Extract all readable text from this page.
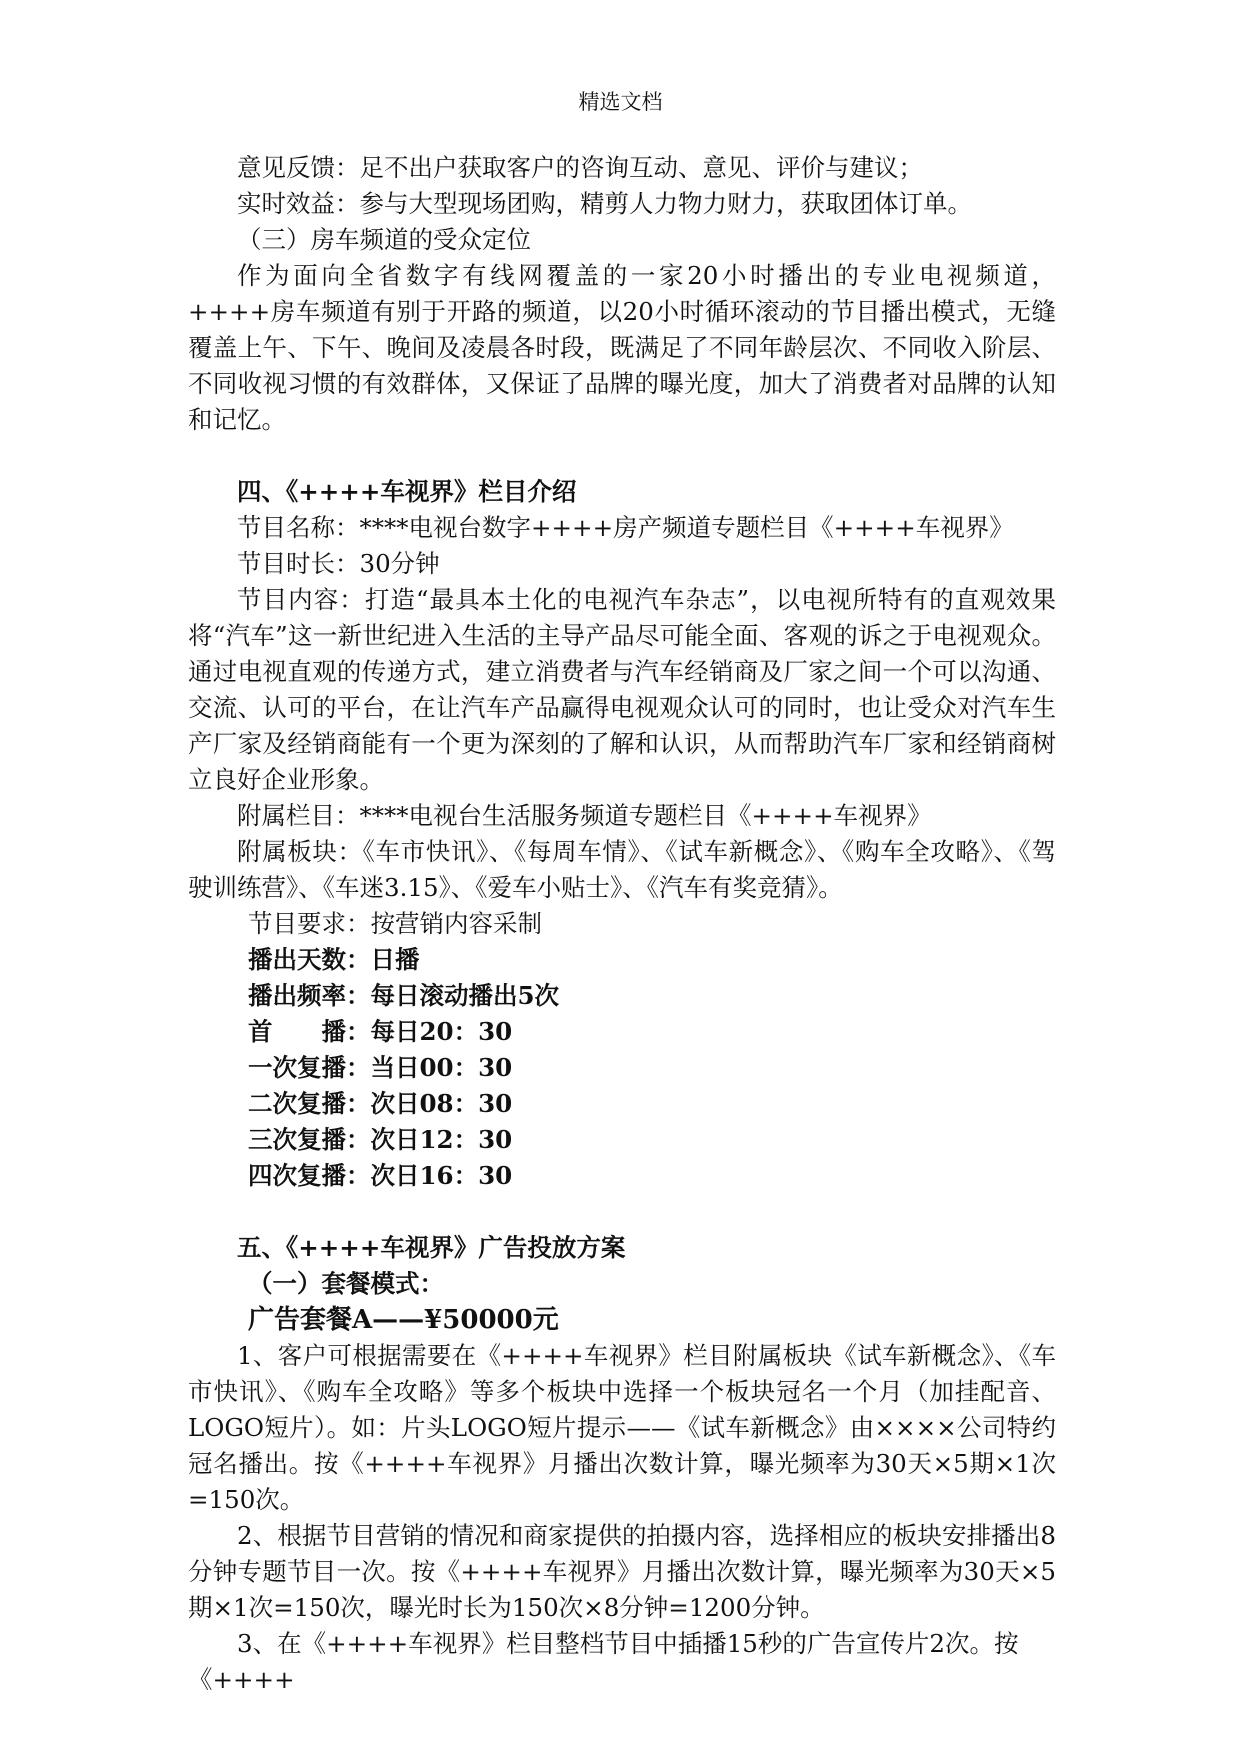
精选文档

意见反馈：足不出户获取客户的咨询互动、意见、评价与建议；

实时效益：参与大型现场团购，精剪人力物力财力，获取团体订单。

（三）房车频道的受众定位

作为面向全省数字有线网覆盖的一家20小时播出的专业电视频道，++++房车频道有别于开路的频道，以20小时循环滚动的节目播出模式，无缝覆盖上午、下午、晚间及凌晨各时段，既满足了不同年龄层次、不同收入阶层、不同收视习惯的有效群体，又保证了品牌的曝光度，加大了消费者对品牌的认知和记忆。

四、《++++车视界》栏目介绍

节目名称：****电视台数字++++房产频道专题栏目《++++车视界》

节目时长：30分钟

节目内容：打造“最具本土化的电视汽车杂志”，以电视所特有的直观效果将“汽车”这一新世纪进入生活的主导产品尽可能全面、客观的诉之于电视观众。通过电视直观的传递方式，建立消费者与汽车经销商及厂家之间一个可以沟通、交流、认可的平台，在让汽车产品赢得电视观众认可的同时，也让受众对汽车生产厂家及经销商能有一个更为深刻的了解和认识，从而帮助汽车厂家和经销商树立良好企业形象。

附属栏目：****电视台生活服务频道专题栏目《++++车视界》

附属板块：《车市快讯》、《每周车情》、《试车新概念》、《购车全攻略》、《驾驶训练营》、《车迷3.15》、《爱车小贴士》、《汽车有奖竞猜》。

节目要求：按营销内容采制

播出天数：日播
播出频率：每日滚动播出5次
首　　播：每日20：30
一次复播：当日00：30
二次复播：次日08：30
三次复播：次日12：30
四次复播：次日16：30

五、《++++车视界》广告投放方案

（一）套餐模式：

广告套餐A——¥50000元

1、客户可根据需要在《++++车视界》栏目附属板块《试车新概念》、《车市快讯》、《购车全攻略》等多个板块中选择一个板块冠名一个月（加挂配音、LOGO短片）。如：片头LOGO短片提示——《试车新概念》由××××公司特约冠名播出。按《++++车视界》月播出次数计算，曝光频率为30天×5期×1次=150次。

2、根据节目营销的情况和商家提供的拍摄内容，选择相应的板块安排播出8分钟专题节目一次。按《++++车视界》月播出次数计算，曝光频率为30天×5期×1次=150次，曝光时长为150次×8分钟=1200分钟。

3、在《++++车视界》栏目整档节目中插播15秒的广告宣传片2次。按《++++
